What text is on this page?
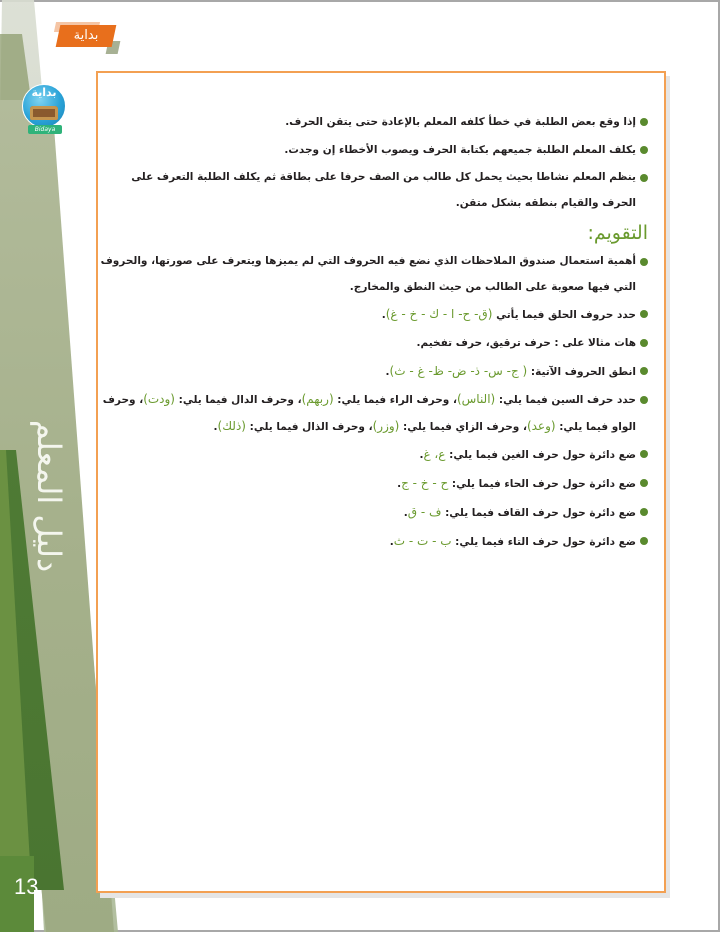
13
دليل المعلم
بداية
Bidaya
بداية
إذا وقع بعض الطلبة في خطأ كلفه المعلم بالإعادة حتى يتقن الحرف.
يكلف المعلم الطلبة جميعهم بكتابة الحرف ويصوب الأخطاء إن وجدت.
ينظم المعلم نشاطا بحيث يحمل كل طالب من الصف حرفا على بطاقة ثم يكلف الطلبة التعرف على الحرف والقيام بنطقه بشكل متقن.
التقويم:
أهمية استعمال صندوق الملاحظات الذي نضع فيه الحروف التي لم يميزها ويتعرف على صورتها، والحروف التي فيها صعوبة على الطالب من حيث النطق والمخارج.
حدد حروف الحلق فيما يأتي (ق- ح- ا - ك - خ - غ).
هات مثالا على : حرف ترقيق، حرف تفخيم.
انطق الحروف الآتية: ( ج- س- ذ- ض- ظ- غ - ث).
حدد حرف السين فيما يلي: (الناس)، وحرف الراء فيما يلي: (ربهم)، وحرف الدال فيما يلي: (ودت)، وحرف الواو فيما يلي: (وعد)، وحرف الزاي فيما يلي: (وزر)، وحرف الذال فيما يلي: (ذلك).
ضع دائرة حول حرف الغين فيما يلي: ع، غ.
ضع دائرة حول حرف الحاء فيما يلي: ح - خ - ج.
ضع دائرة حول حرف القاف فيما يلي: ف - ق.
ضع دائرة حول حرف التاء فيما يلي: ب - ت - ث.
